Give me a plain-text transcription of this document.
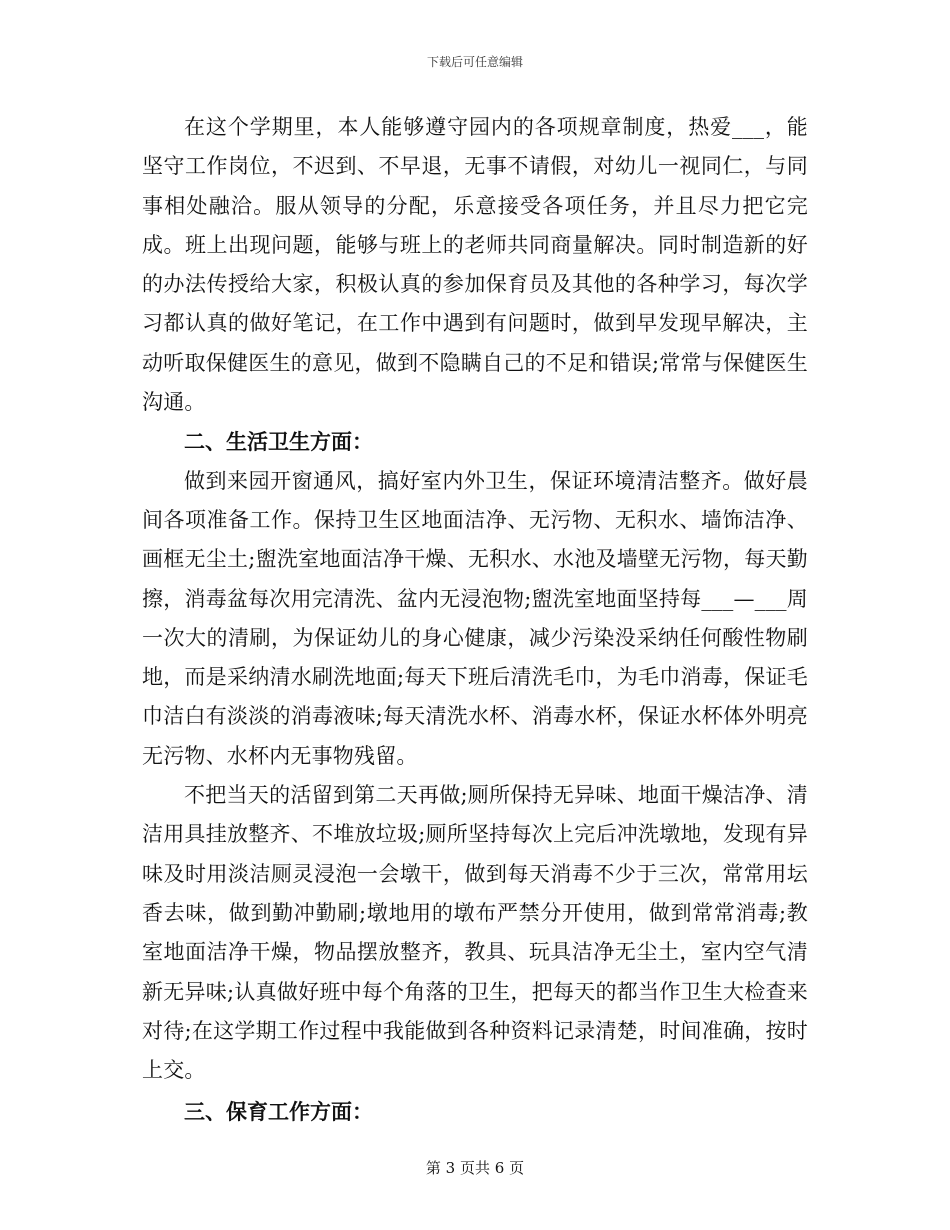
下载后可任意编辑

在这个学期里，本人能够遵守园内的各项规章制度，热爱___，能坚守工作岗位，不迟到、不早退，无事不请假，对幼儿一视同仁，与同事相处融洽。服从领导的分配，乐意接受各项任务，并且尽力把它完成。班上出现问题，能够与班上的老师共同商量解决。同时制造新的好的办法传授给大家，积极认真的参加保育员及其他的各种学习，每次学习都认真的做好笔记，在工作中遇到有问题时，做到早发现早解决，主动听取保健医生的意见，做到不隐瞒自己的不足和错误;常常与保健医生沟通。

二、生活卫生方面：

做到来园开窗通风，搞好室内外卫生，保证环境清洁整齐。做好晨间各项准备工作。保持卫生区地面洁净、无污物、无积水、墙饰洁净、画框无尘土;盥洗室地面洁净干燥、无积水、水池及墙壁无污物，每天勤擦，消毒盆每次用完清洗、盆内无浸泡物;盥洗室地面坚持每___—___周一次大的清刷，为保证幼儿的身心健康，减少污染没采纳任何酸性物刷地，而是采纳清水刷洗地面;每天下班后清洗毛巾，为毛巾消毒，保证毛巾洁白有淡淡的消毒液味;每天清洗水杯、消毒水杯，保证水杯体外明亮无污物、水杯内无事物残留。

不把当天的活留到第二天再做;厕所保持无异味、地面干燥洁净、清洁用具挂放整齐、不堆放垃圾;厕所坚持每次上完后冲洗墩地，发现有异味及时用淡洁厕灵浸泡一会墩干，做到每天消毒不少于三次，常常用坛香去味，做到勤冲勤刷;墩地用的墩布严禁分开使用，做到常常消毒;教室地面洁净干燥，物品摆放整齐，教具、玩具洁净无尘土，室内空气清新无异味;认真做好班中每个角落的卫生，把每天的都当作卫生大检查来对待;在这学期工作过程中我能做到各种资料记录清楚，时间准确，按时上交。

三、保育工作方面：

第 3 页共 6 页
